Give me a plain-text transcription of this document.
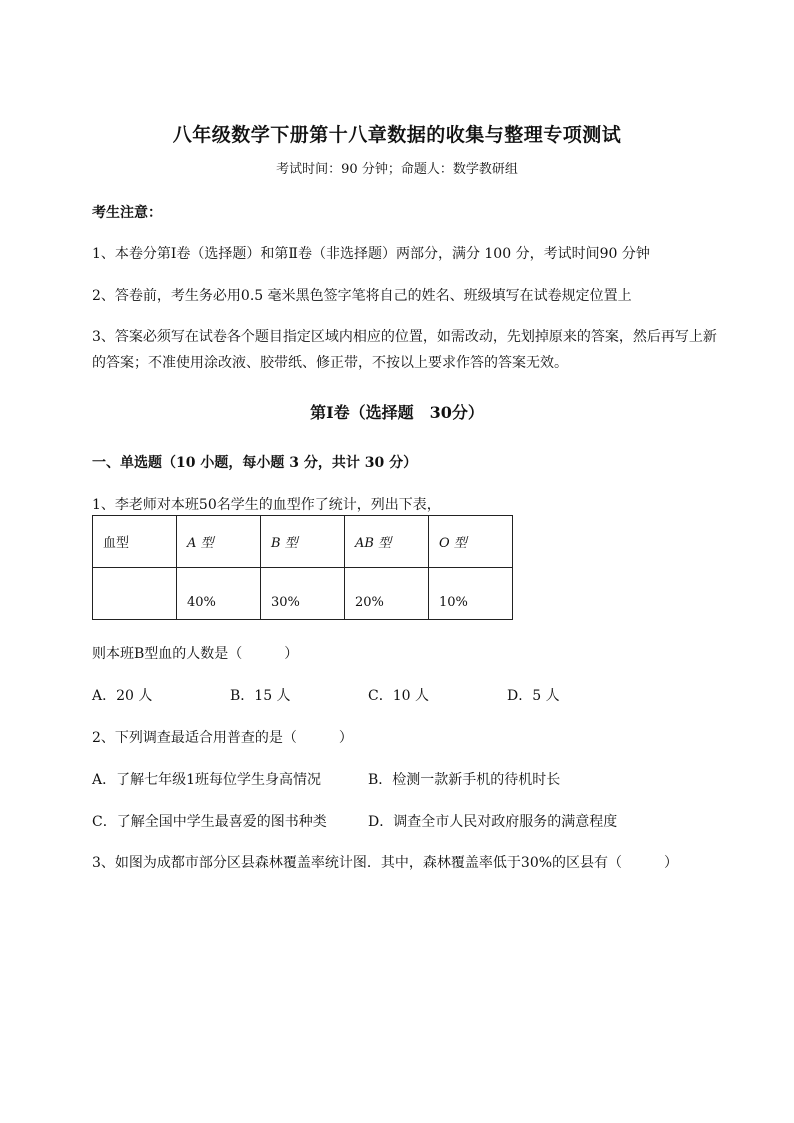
八年级数学下册第十八章数据的收集与整理专项测试
考试时间：90 分钟；命题人：数学教研组
考生注意：
1、本卷分第Ⅰ卷（选择题）和第Ⅱ卷（非选择题）两部分，满分 100 分，考试时间90 分钟
2、答卷前，考生务必用0.5 毫米黑色签字笔将自己的姓名、班级填写在试卷规定位置上
3、答案必须写在试卷各个题目指定区域内相应的位置，如需改动，先划掉原来的答案，然后再写上新
的答案；不准使用涂改液、胶带纸、修正带，不按以上要求作答的答案无效。
第Ⅰ卷（选择题　30分）
一、单选题（10 小题，每小题 3 分，共计 30 分）
1、李老师对本班50名学生的血型作了统计，列出下表，
血型	A 型	B 型	AB 型	O 型
	40%	30%	20%	10%
则本班B型血的人数是（　　　）
A．20 人	B．15 人	C．10 人	D．5 人
2、下列调查最适合用普查的是（　　　）
A．了解七年级1班每位学生身高情况	B．检测一款新手机的待机时长
C．了解全国中学生最喜爱的图书种类	D．调查全市人民对政府服务的满意程度
3、如图为成都市部分区县森林覆盖率统计图．其中，森林覆盖率低于30%的区县有（　　　）
